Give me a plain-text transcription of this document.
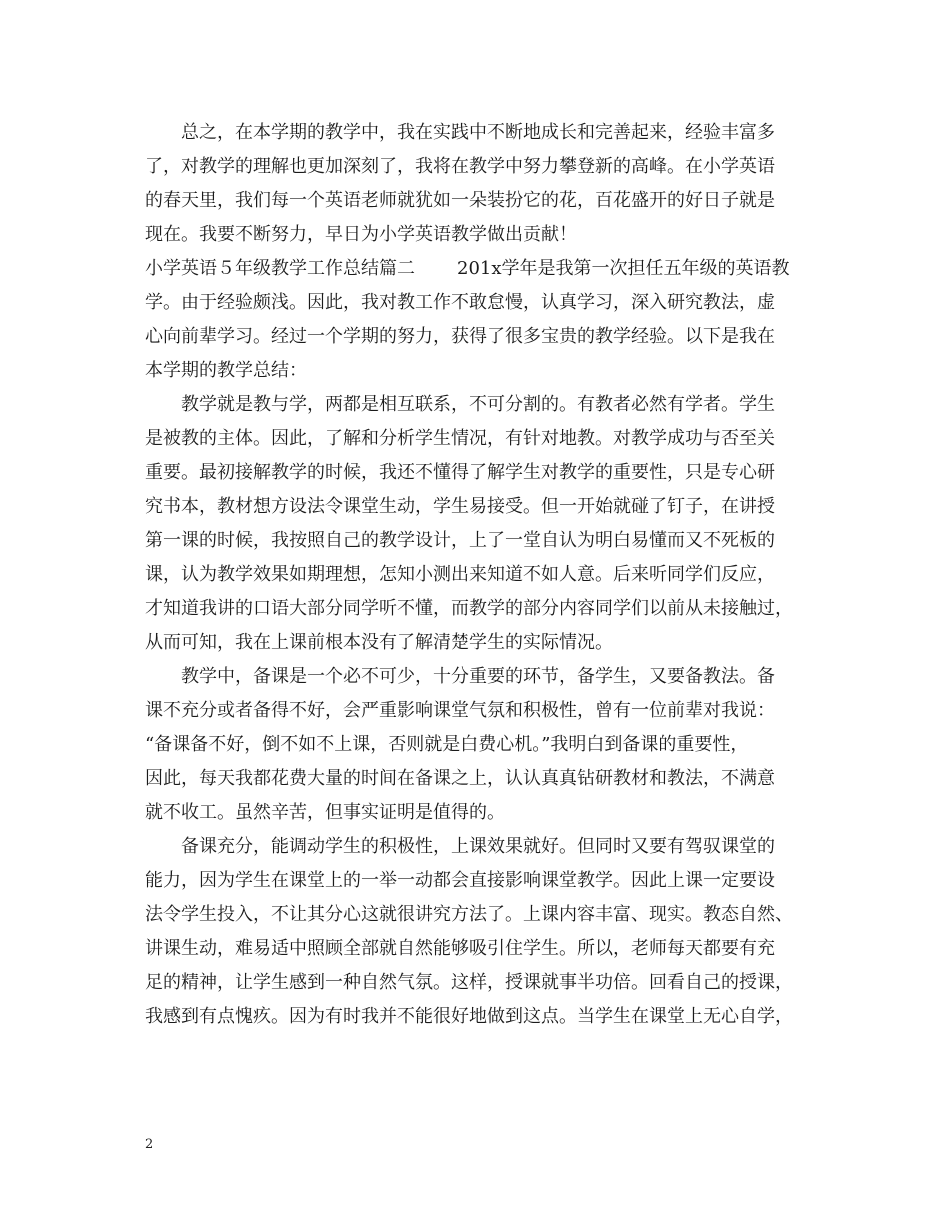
总之，在本学期的教学中，我在实践中不断地成长和完善起来，经验丰富多
了，对教学的理解也更加深刻了，我将在教学中努力攀登新的高峰。在小学英语
的春天里，我们每一个英语老师就犹如一朵装扮它的花，百花盛开的好日子就是
现在。我要不断努力，早日为小学英语教学做出贡献！
小学英语５年级教学工作总结篇二 201x学年是我第一次担任五年级的英语教
学。由于经验颇浅。因此，我对教工作不敢怠慢，认真学习，深入研究教法，虚
心向前辈学习。经过一个学期的努力，获得了很多宝贵的教学经验。以下是我在
本学期的教学总结：
教学就是教与学，两都是相互联系，不可分割的。有教者必然有学者。学生
是被教的主体。因此，了解和分析学生情况，有针对地教。对教学成功与否至关
重要。最初接解教学的时候，我还不懂得了解学生对教学的重要性，只是专心研
究书本，教材想方设法令课堂生动，学生易接受。但一开始就碰了钉子，在讲授
第一课的时候，我按照自己的教学设计，上了一堂自认为明白易懂而又不死板的
课，认为教学效果如期理想，怎知小测出来知道不如人意。后来听同学们反应，
才知道我讲的口语大部分同学听不懂，而教学的部分内容同学们以前从未接触过，
从而可知，我在上课前根本没有了解清楚学生的实际情况。
教学中，备课是一个必不可少，十分重要的环节，备学生，又要备教法。备
课不充分或者备得不好，会严重影响课堂气氛和积极性，曾有一位前辈对我说：
“备课备不好，倒不如不上课，否则就是白费心机。”我明白到备课的重要性，
因此，每天我都花费大量的时间在备课之上，认认真真钻研教材和教法，不满意
就不收工。虽然辛苦，但事实证明是值得的。
备课充分，能调动学生的积极性，上课效果就好。但同时又要有驾驭课堂的
能力，因为学生在课堂上的一举一动都会直接影响课堂教学。因此上课一定要设
法令学生投入，不让其分心这就很讲究方法了。上课内容丰富、现实。教态自然、
讲课生动，难易适中照顾全部就自然能够吸引住学生。所以，老师每天都要有充
足的精神，让学生感到一种自然气氛。这样，授课就事半功倍。回看自己的授课，
我感到有点愧疚。因为有时我并不能很好地做到这点。当学生在课堂上无心自学，
2
